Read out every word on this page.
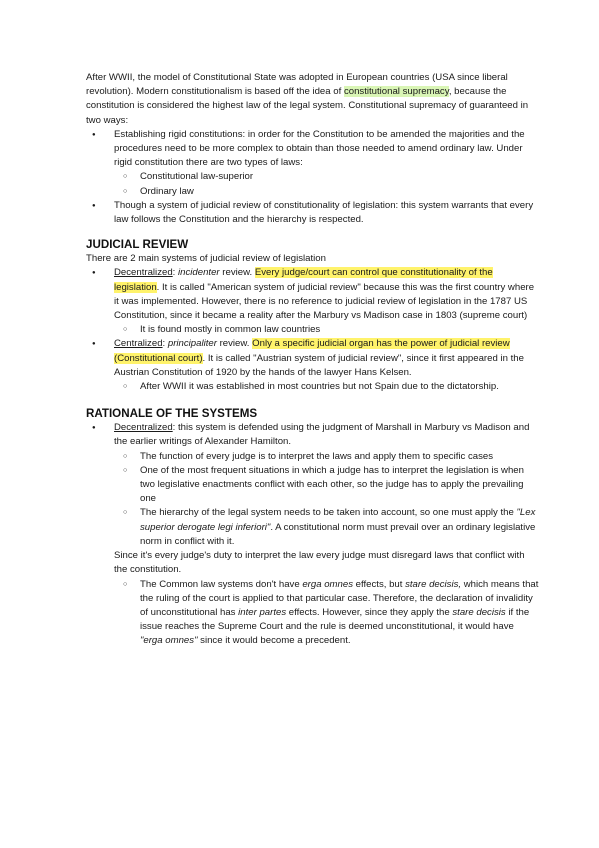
After WWII, the model of Constitutional State was adopted in European countries (USA since liberal revolution). Modern constitutionalism is based off the idea of constitutional supremacy, because the constitution is considered the highest law of the legal system. Constitutional supremacy of guaranteed in two ways:

● Establishing rigid constitutions: in order for the Constitution to be amended the majorities and the procedures need to be more complex to obtain than those needed to amend ordinary law. Under rigid constitution there are two types of laws:
○ Constitutional law-superior
○ Ordinary law
● Though a system of judicial review of constitutionality of legislation: this system warrants that every law follows the Constitution and the hierarchy is respected.
JUDICIAL REVIEW

There are 2 main systems of judicial review of legislation

● Decentralized: incidenter review. Every judge/court can control que constitutionality of the legislation. It is called "American system of judicial review" because this was the first country where it was implemented. However, there is no reference to judicial review of legislation in the 1787 US Constitution, since it became a reality after the Marbury vs Madison case in 1803 (supreme court)
○ It is found mostly in common law countries
● Centralized: principaliter review. Only a specific judicial organ has the power of judicial review (Constitutional court). It is called "Austrian system of judicial review", since it first appeared in the Austrian Constitution of 1920 by the hands of the lawyer Hans Kelsen.
○ After WWII it was established in most countries but not Spain due to the dictatorship.
RATIONALE OF THE SYSTEMS
● Decentralized: this system is defended using the judgment of Marshall in Marbury vs Madison and the earlier writings of Alexander Hamilton.
○ The function of every judge is to interpret the laws and apply them to specific cases
○ One of the most frequent situations in which a judge has to interpret the legislation is when two legislative enactments conflict with each other, so the judge has to apply the prevailing one
○ The hierarchy of the legal system needs to be taken into account, so one must apply the "Lex superior derogate legi inferiori". A constitutional norm must prevail over an ordinary legislative norm in conflict with it.

Since it's every judge's duty to interpret the law every judge must disregard laws that conflict with the constitution.

○ The Common law systems don't have erga omnes effects, but stare decisis, which means that the ruling of the court is applied to that particular case. Therefore, the declaration of invalidity of unconstitutional has inter partes effects. However, since they apply the stare decisis if the issue reaches the Supreme Court and the rule is deemed unconstitutional, it would have "erga omnes" since it would become a precedent.
